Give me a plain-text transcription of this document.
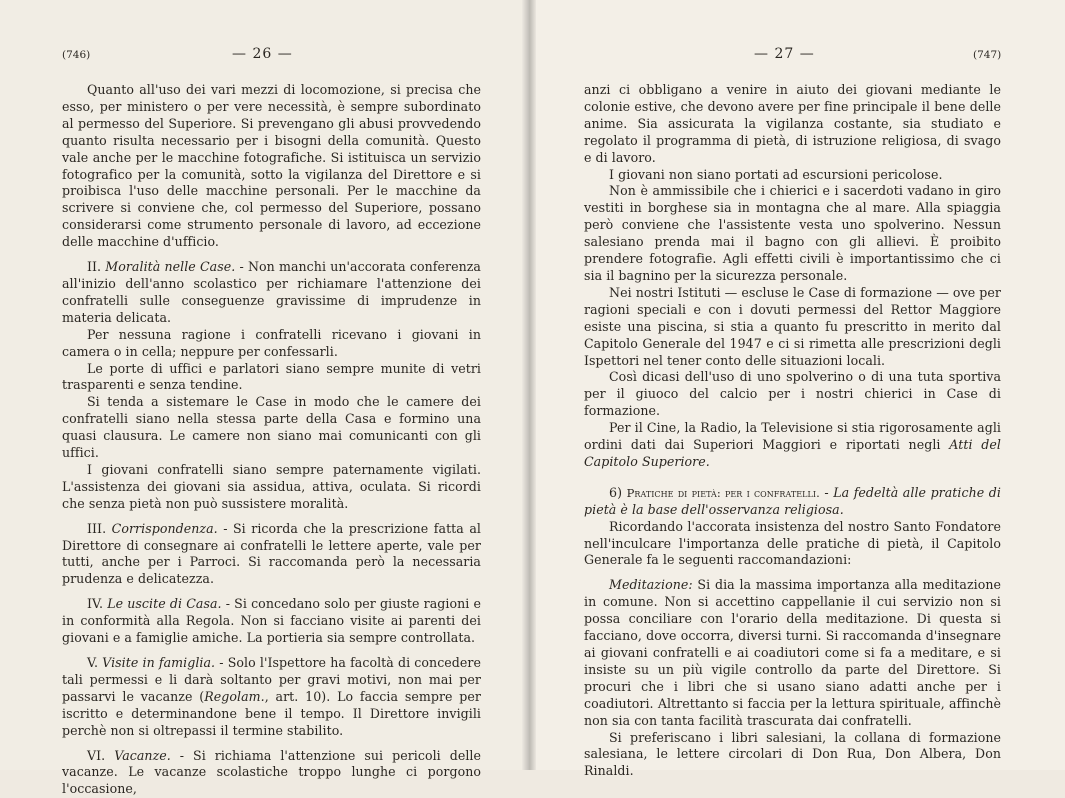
(746)	— 26 —

Quanto all'uso dei vari mezzi di locomozione, si precisa che esso, per ministero o per vere necessità, è sempre subordinato al permesso del Superiore. Si prevengano gli abusi provvedendo quanto risulta necessario per i bisogni della comunità. Questo vale anche per le macchine fotografiche. Si istituisca un servizio fotografico per la comunità, sotto la vigilanza del Direttore e si proibisca l'uso delle macchine personali. Per le macchine da scrivere si conviene che, col permesso del Superiore, possano considerarsi come strumento personale di lavoro, ad eccezione delle macchine d'ufficio.

II. Moralità nelle Case. - Non manchi un'accorata conferenza all'inizio dell'anno scolastico per richiamare l'attenzione dei confratelli sulle conseguenze gravissime di imprudenze in materia delicata.

Per nessuna ragione i confratelli ricevano i giovani in camera o in cella; neppure per confessarli.

Le porte di uffici e parlatori siano sempre munite di vetri trasparenti e senza tendine.

Si tenda a sistemare le Case in modo che le camere dei confratelli siano nella stessa parte della Casa e formino una quasi clausura. Le camere non siano mai comunicanti con gli uffici.

I giovani confratelli siano sempre paternamente vigilati. L'assistenza dei giovani sia assidua, attiva, oculata. Si ricordi che senza pietà non può sussistere moralità.

III. Corrispondenza. - Si ricorda che la prescrizione fatta al Direttore di consegnare ai confratelli le lettere aperte, vale per tutti, anche per i Parroci. Si raccomanda però la necessaria prudenza e delicatezza.

IV. Le uscite di Casa. - Si concedano solo per giuste ragioni e in conformità alla Regola. Non si facciano visite ai parenti dei giovani e a famiglie amiche. La portieria sia sempre controllata.

V. Visite in famiglia. - Solo l'Ispettore ha facoltà di concedere tali permessi e li darà soltanto per gravi motivi, non mai per passarvi le vacanze (Regolam., art. 10). Lo faccia sempre per iscritto e determinandone bene il tempo. Il Direttore invigili perchè non si oltrepassi il termine stabilito.

VI. Vacanze. - Si richiama l'attenzione sui pericoli delle vacanze. Le vacanze scolastiche troppo lunghe ci porgono l'occasione,

— 27 —	(747)

anzi ci obbligano a venire in aiuto dei giovani mediante le colonie estive, che devono avere per fine principale il bene delle anime. Sia assicurata la vigilanza costante, sia studiato e regolato il programma di pietà, di istruzione religiosa, di svago e di lavoro.

I giovani non siano portati ad escursioni pericolose.

Non è ammissibile che i chierici e i sacerdoti vadano in giro vestiti in borghese sia in montagna che al mare. Alla spiaggia però conviene che l'assistente vesta uno spolverino. Nessun salesiano prenda mai il bagno con gli allievi. È proibito prendere fotografie. Agli effetti civili è importantissimo che ci sia il bagnino per la sicurezza personale.

Nei nostri Istituti — escluse le Case di formazione — ove per ragioni speciali e con i dovuti permessi del Rettor Maggiore esiste una piscina, si stia a quanto fu prescritto in merito dal Capitolo Generale del 1947 e ci si rimetta alle prescrizioni degli Ispettori nel tener conto delle situazioni locali.

Così dicasi dell'uso di uno spolverino o di una tuta sportiva per il giuoco del calcio per i nostri chierici in Case di formazione.

Per il Cine, la Radio, la Televisione si stia rigorosamente agli ordini dati dai Superiori Maggiori e riportati negli Atti del Capitolo Superiore.

6) Pratiche di pietà: per i confratelli. - La fedeltà alle pratiche di pietà è la base dell'osservanza religiosa.

Ricordando l'accorata insistenza del nostro Santo Fondatore nell'inculcare l'importanza delle pratiche di pietà, il Capitolo Generale fa le seguenti raccomandazioni:

Meditazione: Si dia la massima importanza alla meditazione in comune. Non si accettino cappellanie il cui servizio non si possa conciliare con l'orario della meditazione. Di questa si facciano, dove occorra, diversi turni. Si raccomanda d'insegnare ai giovani confratelli e ai coadiutori come si fa a meditare, e si insiste su un più vigile controllo da parte del Direttore. Si procuri che i libri che si usano siano adatti anche per i coadiutori. Altrettanto si faccia per la lettura spirituale, affinchè non sia con tanta facilità trascurata dai confratelli.

Si preferiscano i libri salesiani, la collana di formazione salesiana, le lettere circolari di Don Rua, Don Albera, Don Rinaldi.
